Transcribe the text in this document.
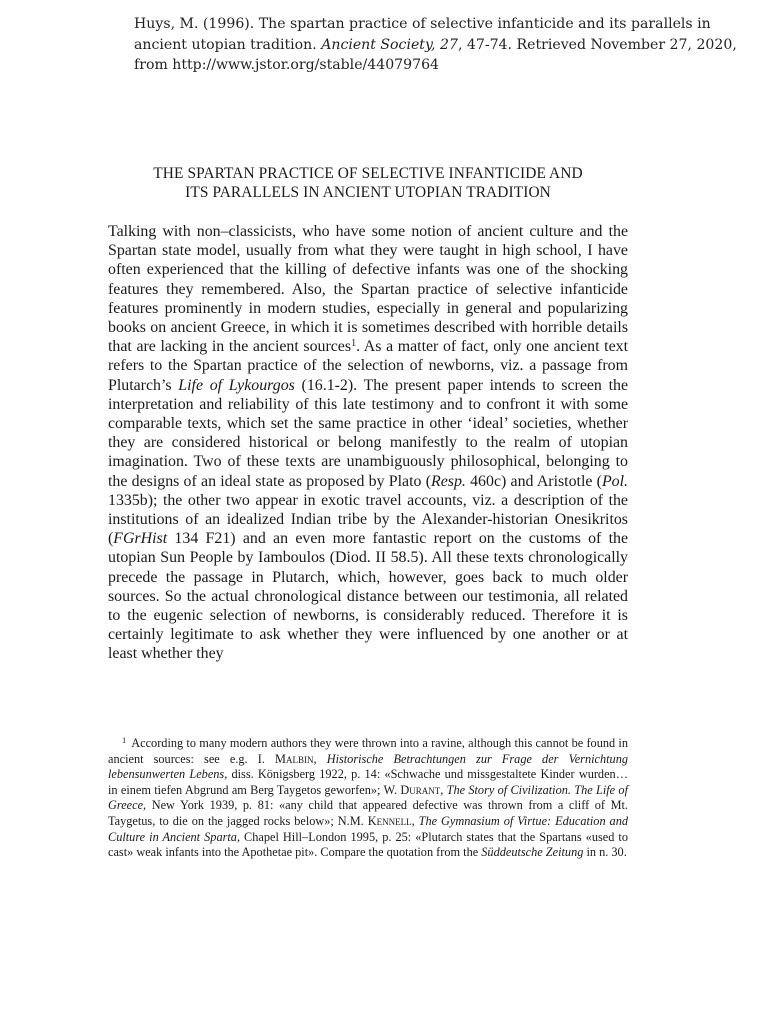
Huys, M. (1996). The spartan practice of selective infanticide and its parallels in ancient utopian tradition. Ancient Society, 27, 47-74. Retrieved November 27, 2020, from http://www.jstor.org/stable/44079764
THE SPARTAN PRACTICE OF SELECTIVE INFANTICIDE AND
ITS PARALLELS IN ANCIENT UTOPIAN TRADITION
Talking with non–classicists, who have some notion of ancient culture and the Spartan state model, usually from what they were taught in high school, I have often experienced that the killing of defective infants was one of the shocking features they remembered. Also, the Spartan practice of selective infanticide features prominently in modern studies, especially in general and popularizing books on ancient Greece, in which it is sometimes described with horrible details that are lacking in the ancient sources$^1$. As a matter of fact, only one ancient text refers to the Spartan practice of the selection of newborns, viz. a passage from Plutarch’s Life of Lykourgos (16.1-2). The present paper intends to screen the interpretation and reliability of this late testimony and to confront it with some comparable texts, which set the same practice in other ‘ideal’ societies, whether they are considered historical or belong manifestly to the realm of utopian imagination. Two of these texts are unambiguously philosophical, belonging to the designs of an ideal state as proposed by Plato (Resp. 460c) and Aristotle (Pol. 1335b); the other two appear in exotic travel accounts, viz. a description of the institutions of an idealized Indian tribe by the Alexander-historian Onesikritos (FGrHist 134 F21) and an even more fantastic report on the customs of the utopian Sun People by Iamboulos (Diod. II 58.5). All these texts chronologically precede the passage in Plutarch, which, however, goes back to much older sources. So the actual chronological distance between our testimonia, all related to the eugenic selection of newborns, is considerably reduced. Therefore it is certainly legitimate to ask whether they were influenced by one another or at least whether they
$^1$ According to many modern authors they were thrown into a ravine, although this cannot be found in ancient sources: see e.g. I. Malbin, Historische Betrachtungen zur Frage der Vernichtung lebensunwerten Lebens, diss. Königsberg 1922, p. 14: «Schwache und missgestaltete Kinder wurden… in einem tiefen Abgrund am Berg Taygetos geworfen»; W. Durant, The Story of Civilization. The Life of Greece, New York 1939, p. 81: «any child that appeared defective was thrown from a cliff of Mt. Taygetus, to die on the jagged rocks below»; N.M. Kennell, The Gymnasium of Virtue: Education and Culture in Ancient Sparta, Chapel Hill–London 1995, p. 25: «Plutarch states that the Spartans «used to cast» weak infants into the Apothetae pit». Compare the quotation from the Süddeutsche Zeitung in n. 30.
